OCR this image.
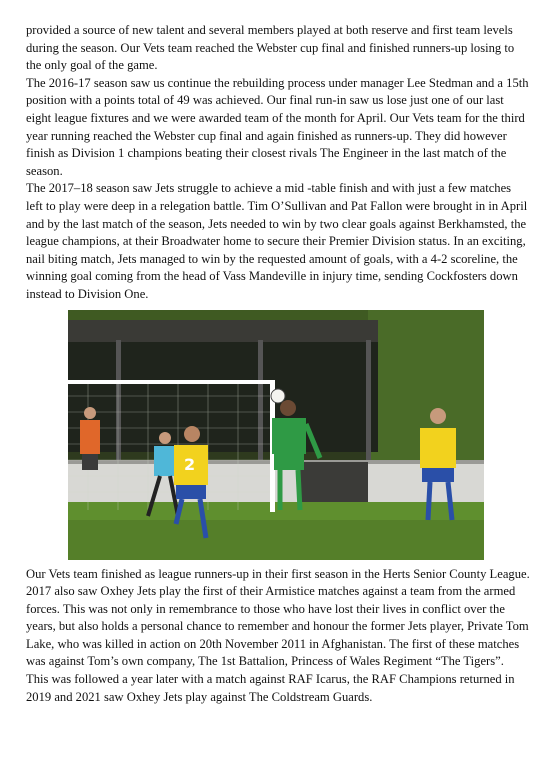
provided a source of new talent and several members played at both reserve and first team levels during the season. Our Vets team reached the Webster cup final and finished runners-up losing to the only goal of the game.

The 2016-17 season saw us continue the rebuilding process under manager Lee Stedman and a 15th position with a points total of 49 was achieved. Our final run-in saw us lose just one of our last eight league fixtures and we were awarded team of the month for April. Our Vets team for the third year running reached the Webster cup final and again finished as runners-up. They did however finish as Division 1 champions beating their closest rivals The Engineer in the last match of the season.

The 2017–18 season saw Jets struggle to achieve a mid -table finish and with just a few matches left to play were deep in a relegation battle. Tim O’Sullivan and Pat Fallon were brought in in April and by the last match of the season, Jets needed to win by two clear goals against Berkhamsted, the league champions, at their Broadwater home to secure their Premier Division status. In an exciting, nail biting match, Jets managed to win by the requested amount of goals, with a 4-2 scoreline, the winning goal coming from the head of Vass Mandeville in injury time, sending Cockfosters down instead to Division One.

2

Our Vets team finished as league runners-up in their first season in the Herts Senior County League.

2017 also saw Oxhey Jets play the first of their Armistice matches against a team from the armed forces. This was not only in remembrance to those who have lost their lives in conflict over the years, but also holds a personal chance to remember and honour the former Jets player, Private Tom Lake, who was killed in action on 20th November 2011 in Afghanistan. The first of these matches was against Tom’s own company, The 1st Battalion, Princess of Wales Regiment “The Tigers”.

This was followed a year later with a match against RAF Icarus, the RAF Champions returned in 2019 and 2021 saw Oxhey Jets play against The Coldstream Guards.
